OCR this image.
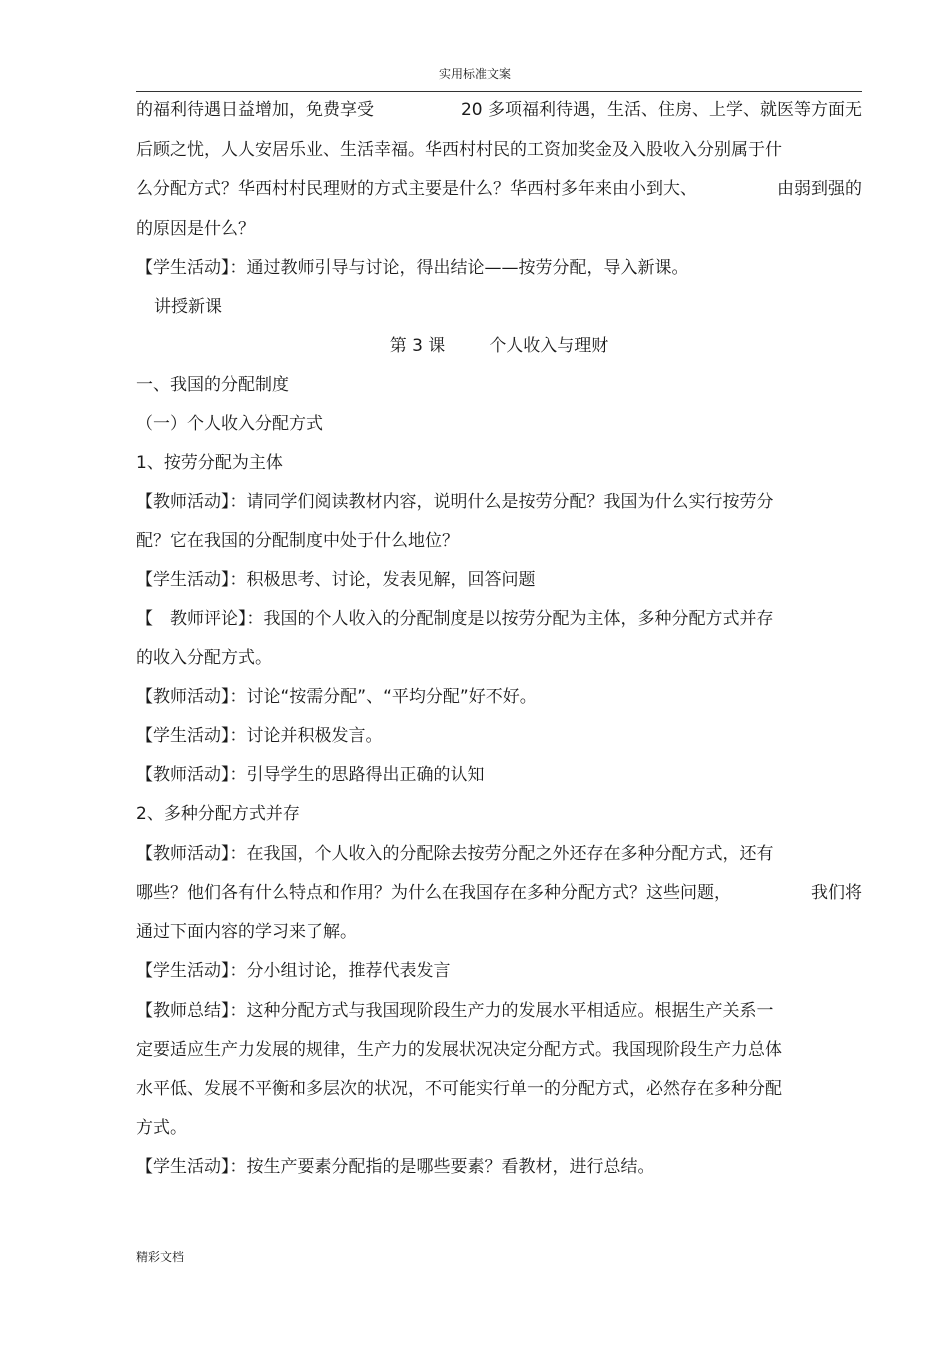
实用标准文案
的福利待遇日益增加，免费享受	20 多项福利待遇，生活、住房、上学、就医等方面无
后顾之忧，人人安居乐业、生活幸福。华西村村民的工资加奖金及入股收入分别属于什
么分配方式？华西村村民理财的方式主要是什么？华西村多年来由小到大、	由弱到强的
的原因是什么？
【学生活动】：通过教师引导与讨论，得出结论——按劳分配，导入新课。
讲授新课
第 3 课	个人收入与理财
一、我国的分配制度
（一）个人收入分配方式
1、按劳分配为主体
【教师活动】：请同学们阅读教材内容，说明什么是按劳分配？我国为什么实行按劳分
配？它在我国的分配制度中处于什么地位？
【学生活动】：积极思考、讨论，发表见解，回答问题
【　教师评论】：我国的个人收入的分配制度是以按劳分配为主体，多种分配方式并存
的收入分配方式。
【教师活动】：讨论“按需分配”、“平均分配”好不好。
【学生活动】：讨论并积极发言。
【教师活动】：引导学生的思路得出正确的认知
2、多种分配方式并存
【教师活动】：在我国，个人收入的分配除去按劳分配之外还存在多种分配方式，还有
哪些？他们各有什么特点和作用？为什么在我国存在多种分配方式？这些问题，	我们将
通过下面内容的学习来了解。
【学生活动】：分小组讨论，推荐代表发言
【教师总结】：这种分配方式与我国现阶段生产力的发展水平相适应。根据生产关系一
定要适应生产力发展的规律，生产力的发展状况决定分配方式。我国现阶段生产力总体
水平低、发展不平衡和多层次的状况，不可能实行单一的分配方式，必然存在多种分配
方式。
【学生活动】：按生产要素分配指的是哪些要素？看教材，进行总结。
精彩文档
